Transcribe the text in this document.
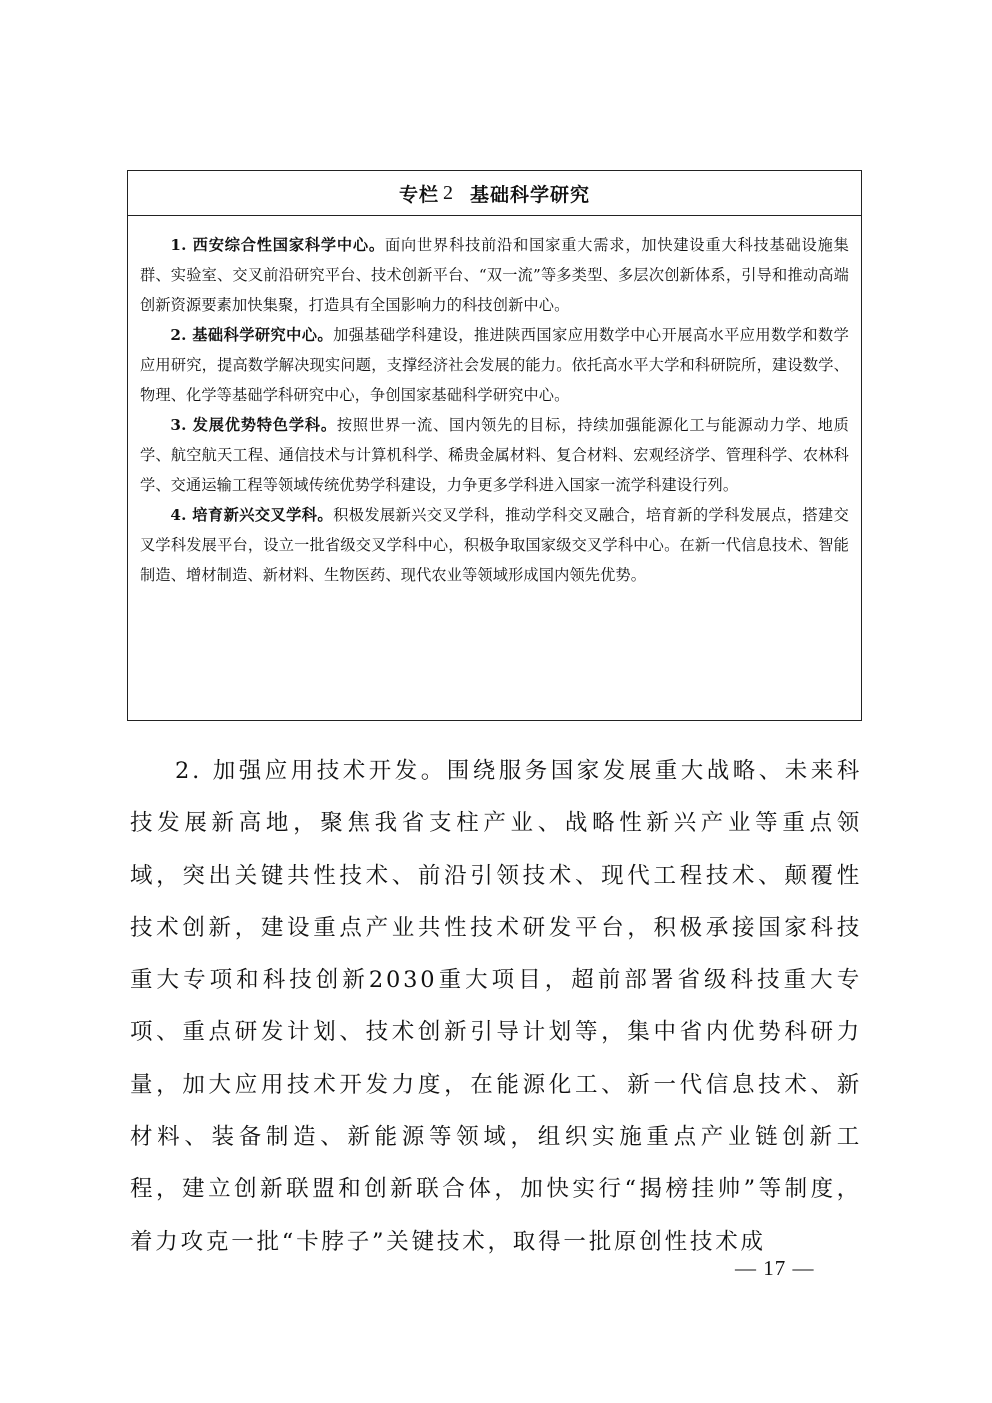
专栏 2 基础科学研究

1. 西安综合性国家科学中心。面向世界科技前沿和国家重大需求，加快建设重大科技基础设施集群、实验室、交叉前沿研究平台、技术创新平台、“双一流”等多类型、多层次创新体系，引导和推动高端创新资源要素加快集聚，打造具有全国影响力的科技创新中心。

2. 基础科学研究中心。加强基础学科建设，推进陕西国家应用数学中心开展高水平应用数学和数学应用研究，提高数学解决现实问题，支撑经济社会发展的能力。依托高水平大学和科研院所，建设数学、物理、化学等基础学科研究中心，争创国家基础科学研究中心。

3. 发展优势特色学科。按照世界一流、国内领先的目标，持续加强能源化工与能源动力学、地质学、航空航天工程、通信技术与计算机科学、稀贵金属材料、复合材料、宏观经济学、管理科学、农林科学、交通运输工程等领域传统优势学科建设，力争更多学科进入国家一流学科建设行列。

4. 培育新兴交叉学科。积极发展新兴交叉学科，推动学科交叉融合，培育新的学科发展点，搭建交叉学科发展平台，设立一批省级交叉学科中心，积极争取国家级交叉学科中心。在新一代信息技术、智能制造、增材制造、新材料、生物医药、现代农业等领域形成国内领先优势。

2. 加强应用技术开发。围绕服务国家发展重大战略、未来科技发展新高地，聚焦我省支柱产业、战略性新兴产业等重点领域，突出关键共性技术、前沿引领技术、现代工程技术、颠覆性技术创新，建设重点产业共性技术研发平台，积极承接国家科技重大专项和科技创新2030重大项目，超前部署省级科技重大专项、重点研发计划、技术创新引导计划等，集中省内优势科研力量，加大应用技术开发力度，在能源化工、新一代信息技术、新材料、装备制造、新能源等领域，组织实施重点产业链创新工程，建立创新联盟和创新联合体，加快实行“揭榜挂帅”等制度，着力攻克一批“卡脖子”关键技术，取得一批原创性技术成

— 17 —
